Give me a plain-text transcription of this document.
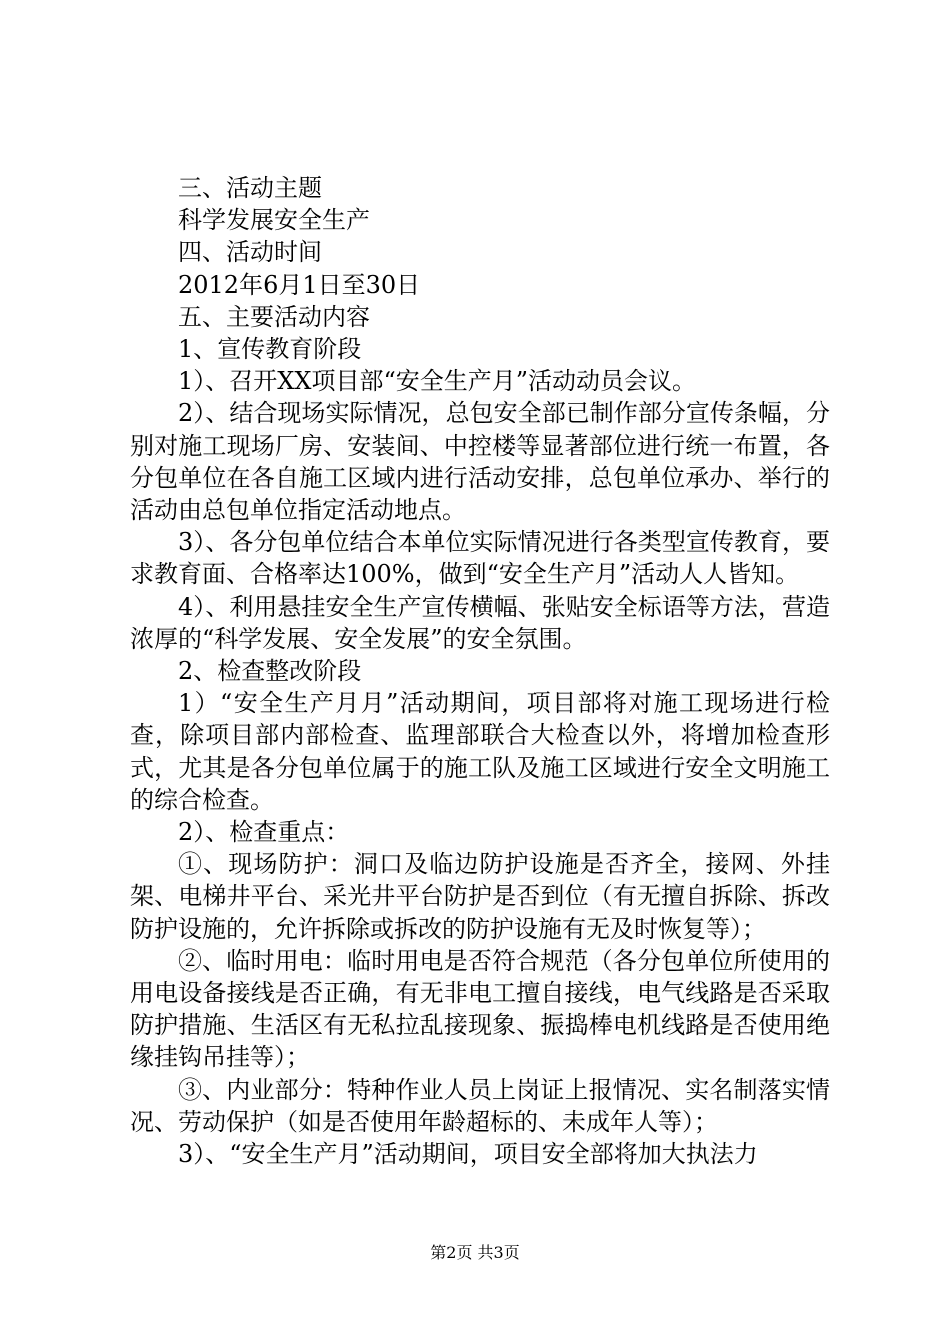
三、活动主题

科学发展安全生产

四、活动时间

2012年6月1日至30日

五、主要活动内容

1、宣传教育阶段

1）、召开XX项目部“安全生产月”活动动员会议。

2）、结合现场实际情况，总包安全部已制作部分宣传条幅，分别对施工现场厂房、安装间、中控楼等显著部位进行统一布置，各分包单位在各自施工区域内进行活动安排，总包单位承办、举行的活动由总包单位指定活动地点。

3）、各分包单位结合本单位实际情况进行各类型宣传教育，要求教育面、合格率达100%，做到“安全生产月”活动人人皆知。

4）、利用悬挂安全生产宣传横幅、张贴安全标语等方法，营造浓厚的“科学发展、安全发展”的安全氛围。

2、检查整改阶段

1）“安全生产月月”活动期间，项目部将对施工现场进行检查，除项目部内部检查、监理部联合大检查以外，将增加检查形式，尤其是各分包单位属于的施工队及施工区域进行安全文明施工的综合检查。

2）、检查重点：

①、现场防护：洞口及临边防护设施是否齐全，接网、外挂架、电梯井平台、采光井平台防护是否到位（有无擅自拆除、拆改防护设施的，允许拆除或拆改的防护设施有无及时恢复等）；

②、临时用电：临时用电是否符合规范（各分包单位所使用的用电设备接线是否正确，有无非电工擅自接线，电气线路是否采取防护措施、生活区有无私拉乱接现象、振捣棒电机线路是否使用绝缘挂钩吊挂等）；

③、内业部分：特种作业人员上岗证上报情况、实名制落实情况、劳动保护（如是否使用年龄超标的、未成年人等）；

3）、“安全生产月”活动期间，项目安全部将加大执法力

第2页 共3页
